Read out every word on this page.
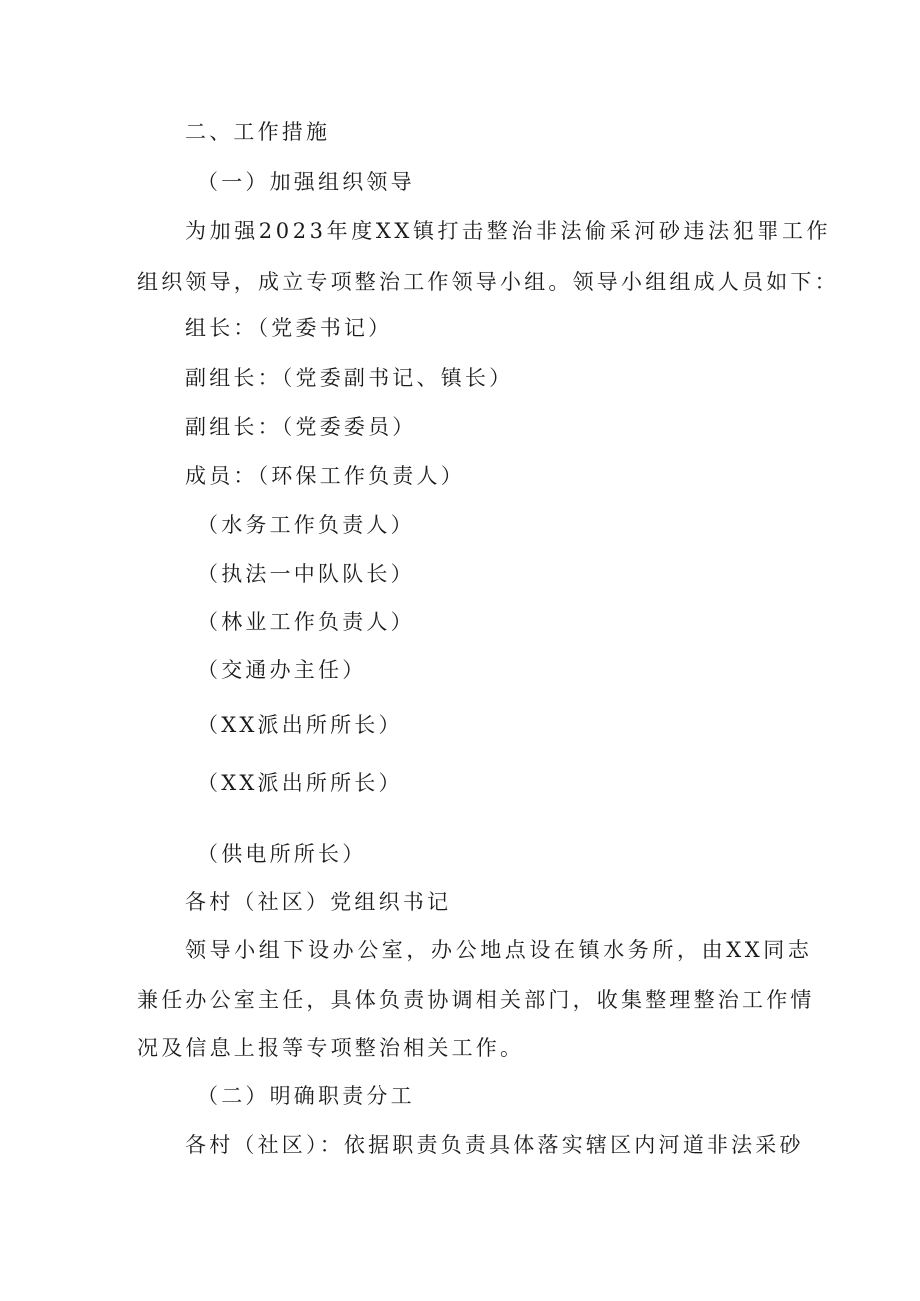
二、工作措施
（一）加强组织领导
为加强2023年度XX镇打击整治非法偷采河砂违法犯罪工作
组织领导，成立专项整治工作领导小组。领导小组组成人员如下：
组长：（党委书记）
副组长：（党委副书记、镇长）
副组长：（党委委员）
成员：（环保工作负责人）
（水务工作负责人）
（执法一中队队长）
（林业工作负责人）
（交通办主任）
（XX派出所所长）
（XX派出所所长）
（供电所所长）
各村（社区）党组织书记
领导小组下设办公室，办公地点设在镇水务所，由XX同志
兼任办公室主任，具体负责协调相关部门，收集整理整治工作情
况及信息上报等专项整治相关工作。
（二）明确职责分工
各村（社区）：依据职责负责具体落实辖区内河道非法采砂
